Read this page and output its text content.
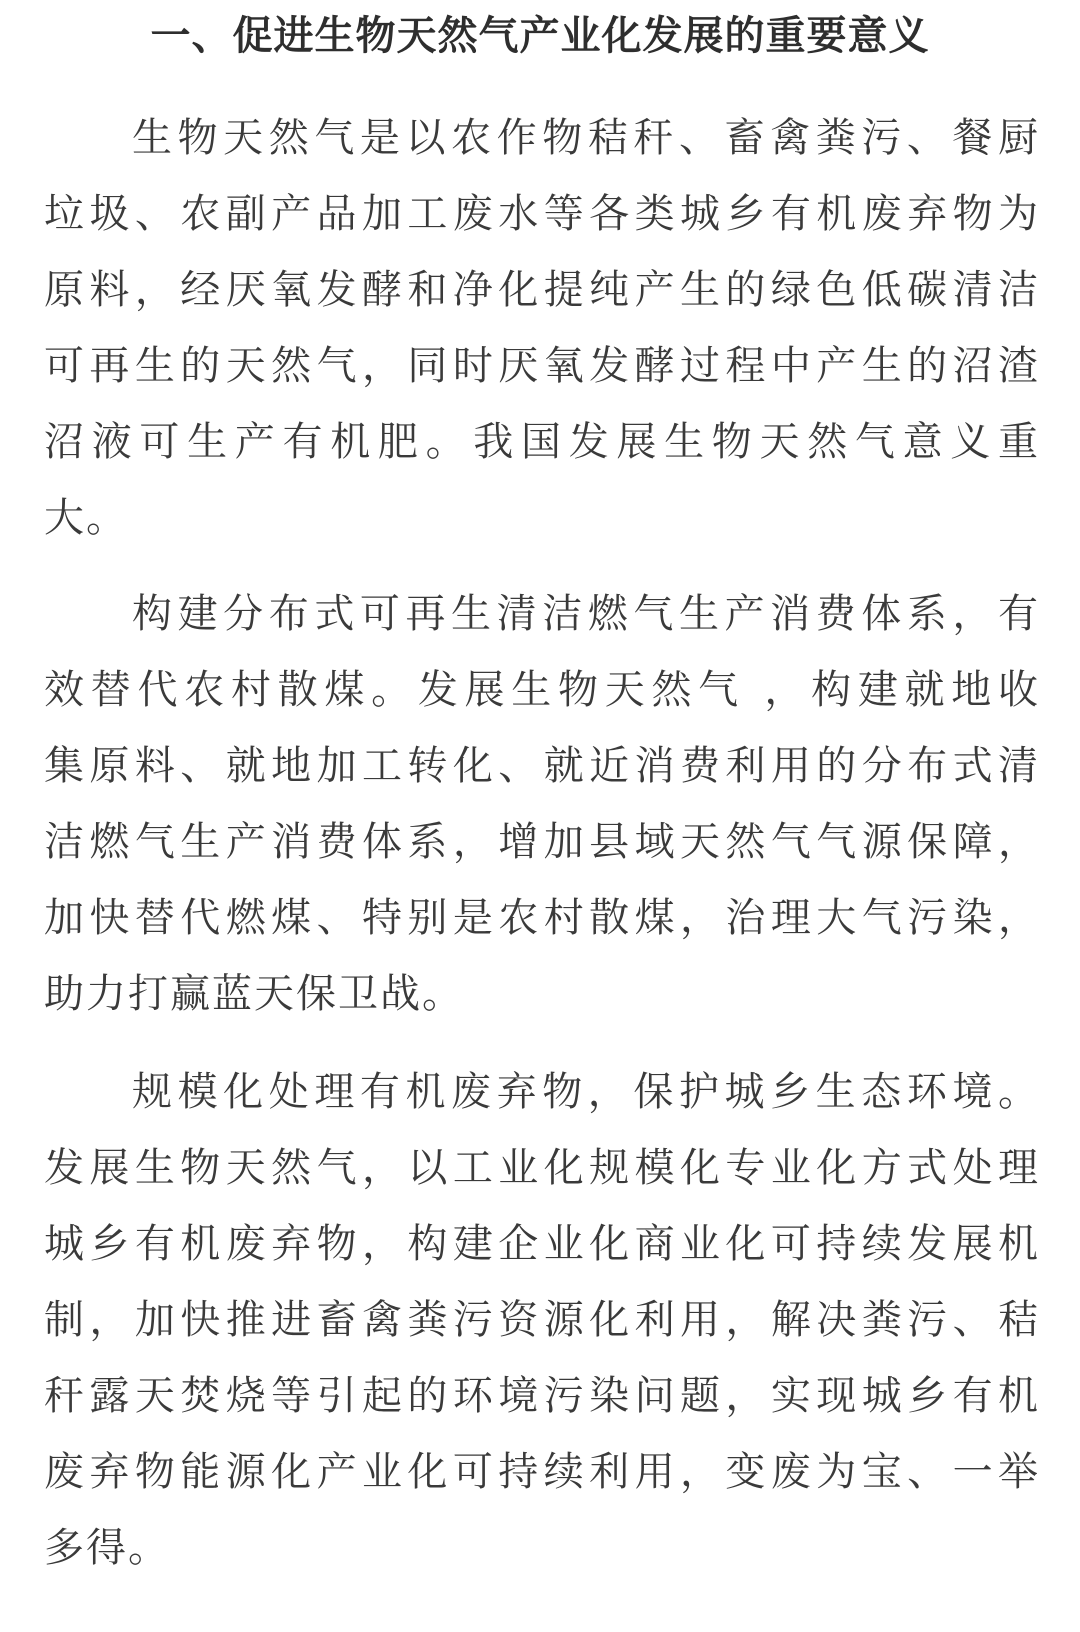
一、促进生物天然气产业化发展的重要意义
生物天然气是以农作物秸秆、畜禽粪污、餐厨
垃圾、农副产品加工废水等各类城乡有机废弃物为
原料，经厌氧发酵和净化提纯产生的绿色低碳清洁
可再生的天然气，同时厌氧发酵过程中产生的沼渣
沼液可生产有机肥。我国发展生物天然气意义重
大。
构建分布式可再生清洁燃气生产消费体系，有
效替代农村散煤。发展生物天然气 ，构建就地收
集原料、就地加工转化、就近消费利用的分布式清
洁燃气生产消费体系，增加县域天然气气源保障，
加快替代燃煤、特别是农村散煤，治理大气污染，
助力打赢蓝天保卫战。
规模化处理有机废弃物，保护城乡生态环境。
发展生物天然气，以工业化规模化专业化方式处理
城乡有机废弃物，构建企业化商业化可持续发展机
制，加快推进畜禽粪污资源化利用，解决粪污、秸
秆露天焚烧等引起的环境污染问题，实现城乡有机
废弃物能源化产业化可持续利用，变废为宝、一举
多得。
